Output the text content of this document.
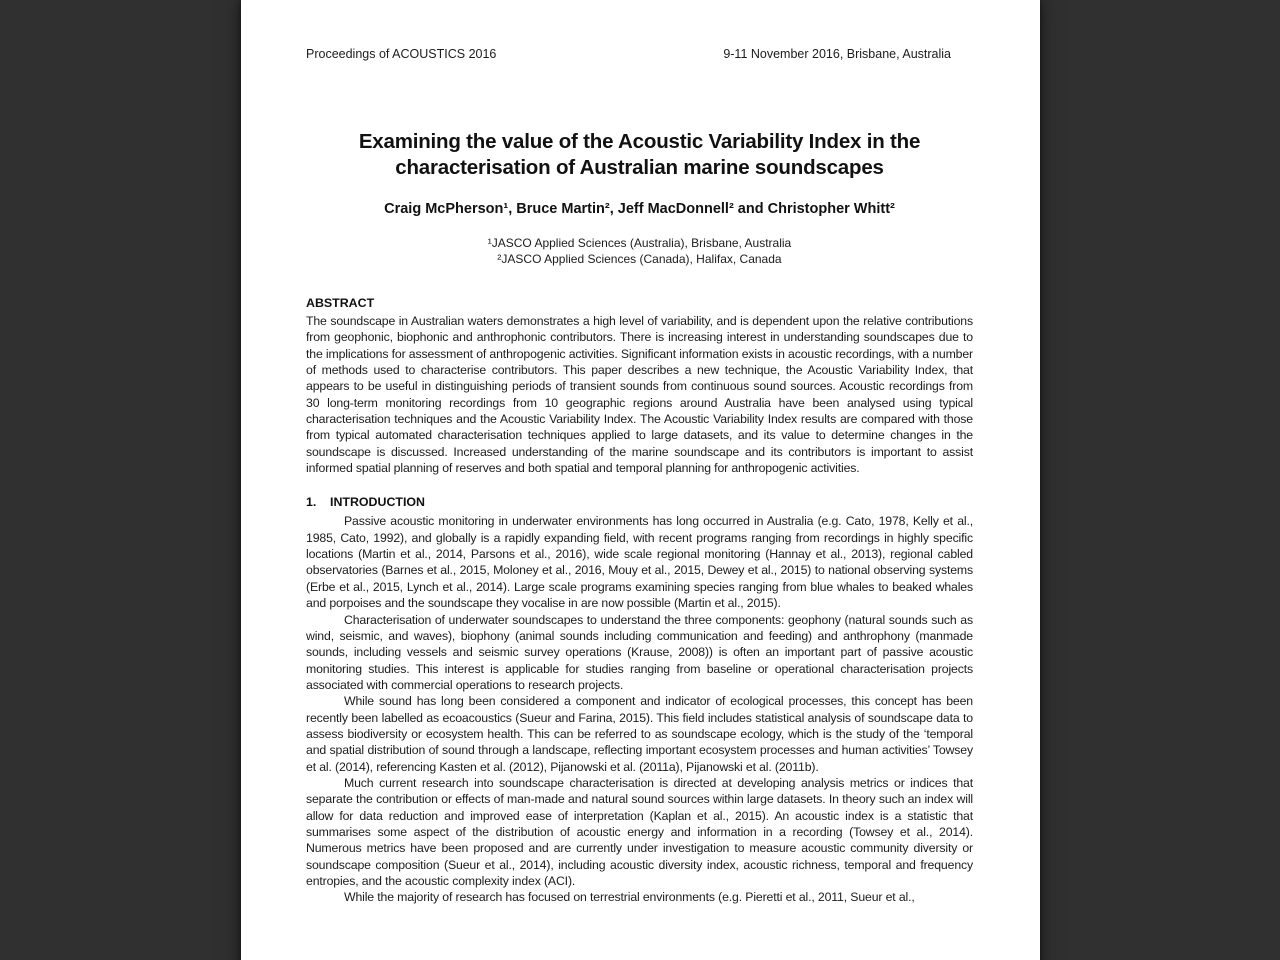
Proceedings of ACOUSTICS 2016	9-11 November 2016, Brisbane, Australia
Examining the value of the Acoustic Variability Index in the characterisation of Australian marine soundscapes
Craig McPherson¹, Bruce Martin², Jeff MacDonnell² and Christopher Whitt²
¹JASCO Applied Sciences (Australia), Brisbane, Australia
²JASCO Applied Sciences (Canada), Halifax, Canada
ABSTRACT

The soundscape in Australian waters demonstrates a high level of variability, and is dependent upon the relative contributions from geophonic, biophonic and anthrophonic contributors. There is increasing interest in understanding soundscapes due to the implications for assessment of anthropogenic activities. Significant information exists in acoustic recordings, with a number of methods used to characterise contributors. This paper describes a new technique, the Acoustic Variability Index, that appears to be useful in distinguishing periods of transient sounds from continuous sound sources. Acoustic recordings from 30 long-term monitoring recordings from 10 geographic regions around Australia have been analysed using typical characterisation techniques and the Acoustic Variability Index. The Acoustic Variability Index results are compared with those from typical automated characterisation techniques applied to large datasets, and its value to determine changes in the soundscape is discussed. Increased understanding of the marine soundscape and its contributors is important to assist informed spatial planning of reserves and both spatial and temporal planning for anthropogenic activities.

1. INTRODUCTION

Passive acoustic monitoring in underwater environments has long occurred in Australia (e.g. Cato, 1978, Kelly et al., 1985, Cato, 1992), and globally is a rapidly expanding field, with recent programs ranging from recordings in highly specific locations (Martin et al., 2014, Parsons et al., 2016), wide scale regional monitoring (Hannay et al., 2013), regional cabled observatories (Barnes et al., 2015, Moloney et al., 2016, Mouy et al., 2015, Dewey et al., 2015) to national observing systems (Erbe et al., 2015, Lynch et al., 2014). Large scale programs examining species ranging from blue whales to beaked whales and porpoises and the soundscape they vocalise in are now possible (Martin et al., 2015).

Characterisation of underwater soundscapes to understand the three components: geophony (natural sounds such as wind, seismic, and waves), biophony (animal sounds including communication and feeding) and anthrophony (manmade sounds, including vessels and seismic survey operations (Krause, 2008)) is often an important part of passive acoustic monitoring studies. This interest is applicable for studies ranging from baseline or operational characterisation projects associated with commercial operations to research projects.

While sound has long been considered a component and indicator of ecological processes, this concept has been recently been labelled as ecoacoustics (Sueur and Farina, 2015). This field includes statistical analysis of soundscape data to assess biodiversity or ecosystem health. This can be referred to as soundscape ecology, which is the study of the ‘temporal and spatial distribution of sound through a landscape, reflecting important ecosystem processes and human activities’ Towsey et al. (2014), referencing Kasten et al. (2012), Pijanowski et al. (2011a), Pijanowski et al. (2011b).

Much current research into soundscape characterisation is directed at developing analysis metrics or indices that separate the contribution or effects of man-made and natural sound sources within large datasets. In theory such an index will allow for data reduction and improved ease of interpretation (Kaplan et al., 2015). An acoustic index is a statistic that summarises some aspect of the distribution of acoustic energy and information in a recording (Towsey et al., 2014). Numerous metrics have been proposed and are currently under investigation to measure acoustic community diversity or soundscape composition (Sueur et al., 2014), including acoustic diversity index, acoustic richness, temporal and frequency entropies, and the acoustic complexity index (ACI).

While the majority of research has focused on terrestrial environments (e.g. Pieretti et al., 2011, Sueur et al.,
